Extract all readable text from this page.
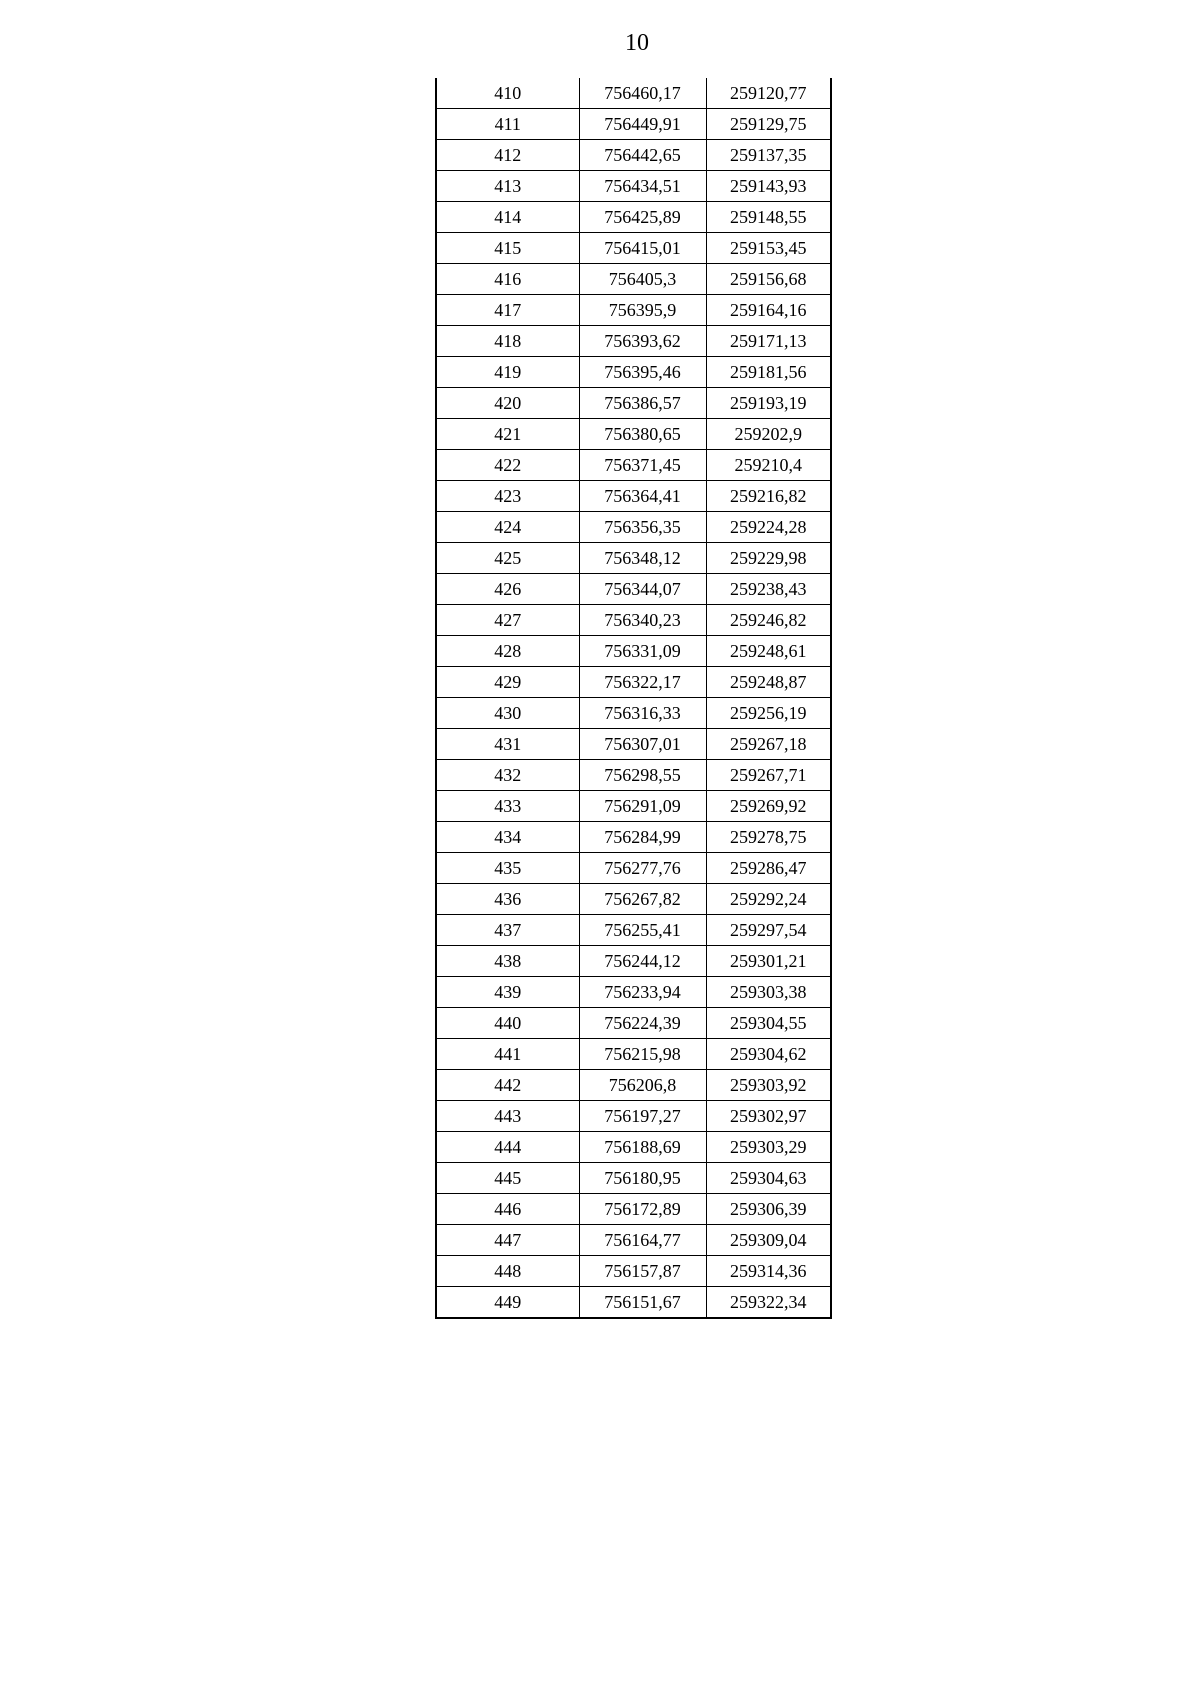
10
410	756460,17	259120,77
411	756449,91	259129,75
412	756442,65	259137,35
413	756434,51	259143,93
414	756425,89	259148,55
415	756415,01	259153,45
416	756405,3	259156,68
417	756395,9	259164,16
418	756393,62	259171,13
419	756395,46	259181,56
420	756386,57	259193,19
421	756380,65	259202,9
422	756371,45	259210,4
423	756364,41	259216,82
424	756356,35	259224,28
425	756348,12	259229,98
426	756344,07	259238,43
427	756340,23	259246,82
428	756331,09	259248,61
429	756322,17	259248,87
430	756316,33	259256,19
431	756307,01	259267,18
432	756298,55	259267,71
433	756291,09	259269,92
434	756284,99	259278,75
435	756277,76	259286,47
436	756267,82	259292,24
437	756255,41	259297,54
438	756244,12	259301,21
439	756233,94	259303,38
440	756224,39	259304,55
441	756215,98	259304,62
442	756206,8	259303,92
443	756197,27	259302,97
444	756188,69	259303,29
445	756180,95	259304,63
446	756172,89	259306,39
447	756164,77	259309,04
448	756157,87	259314,36
449	756151,67	259322,34
